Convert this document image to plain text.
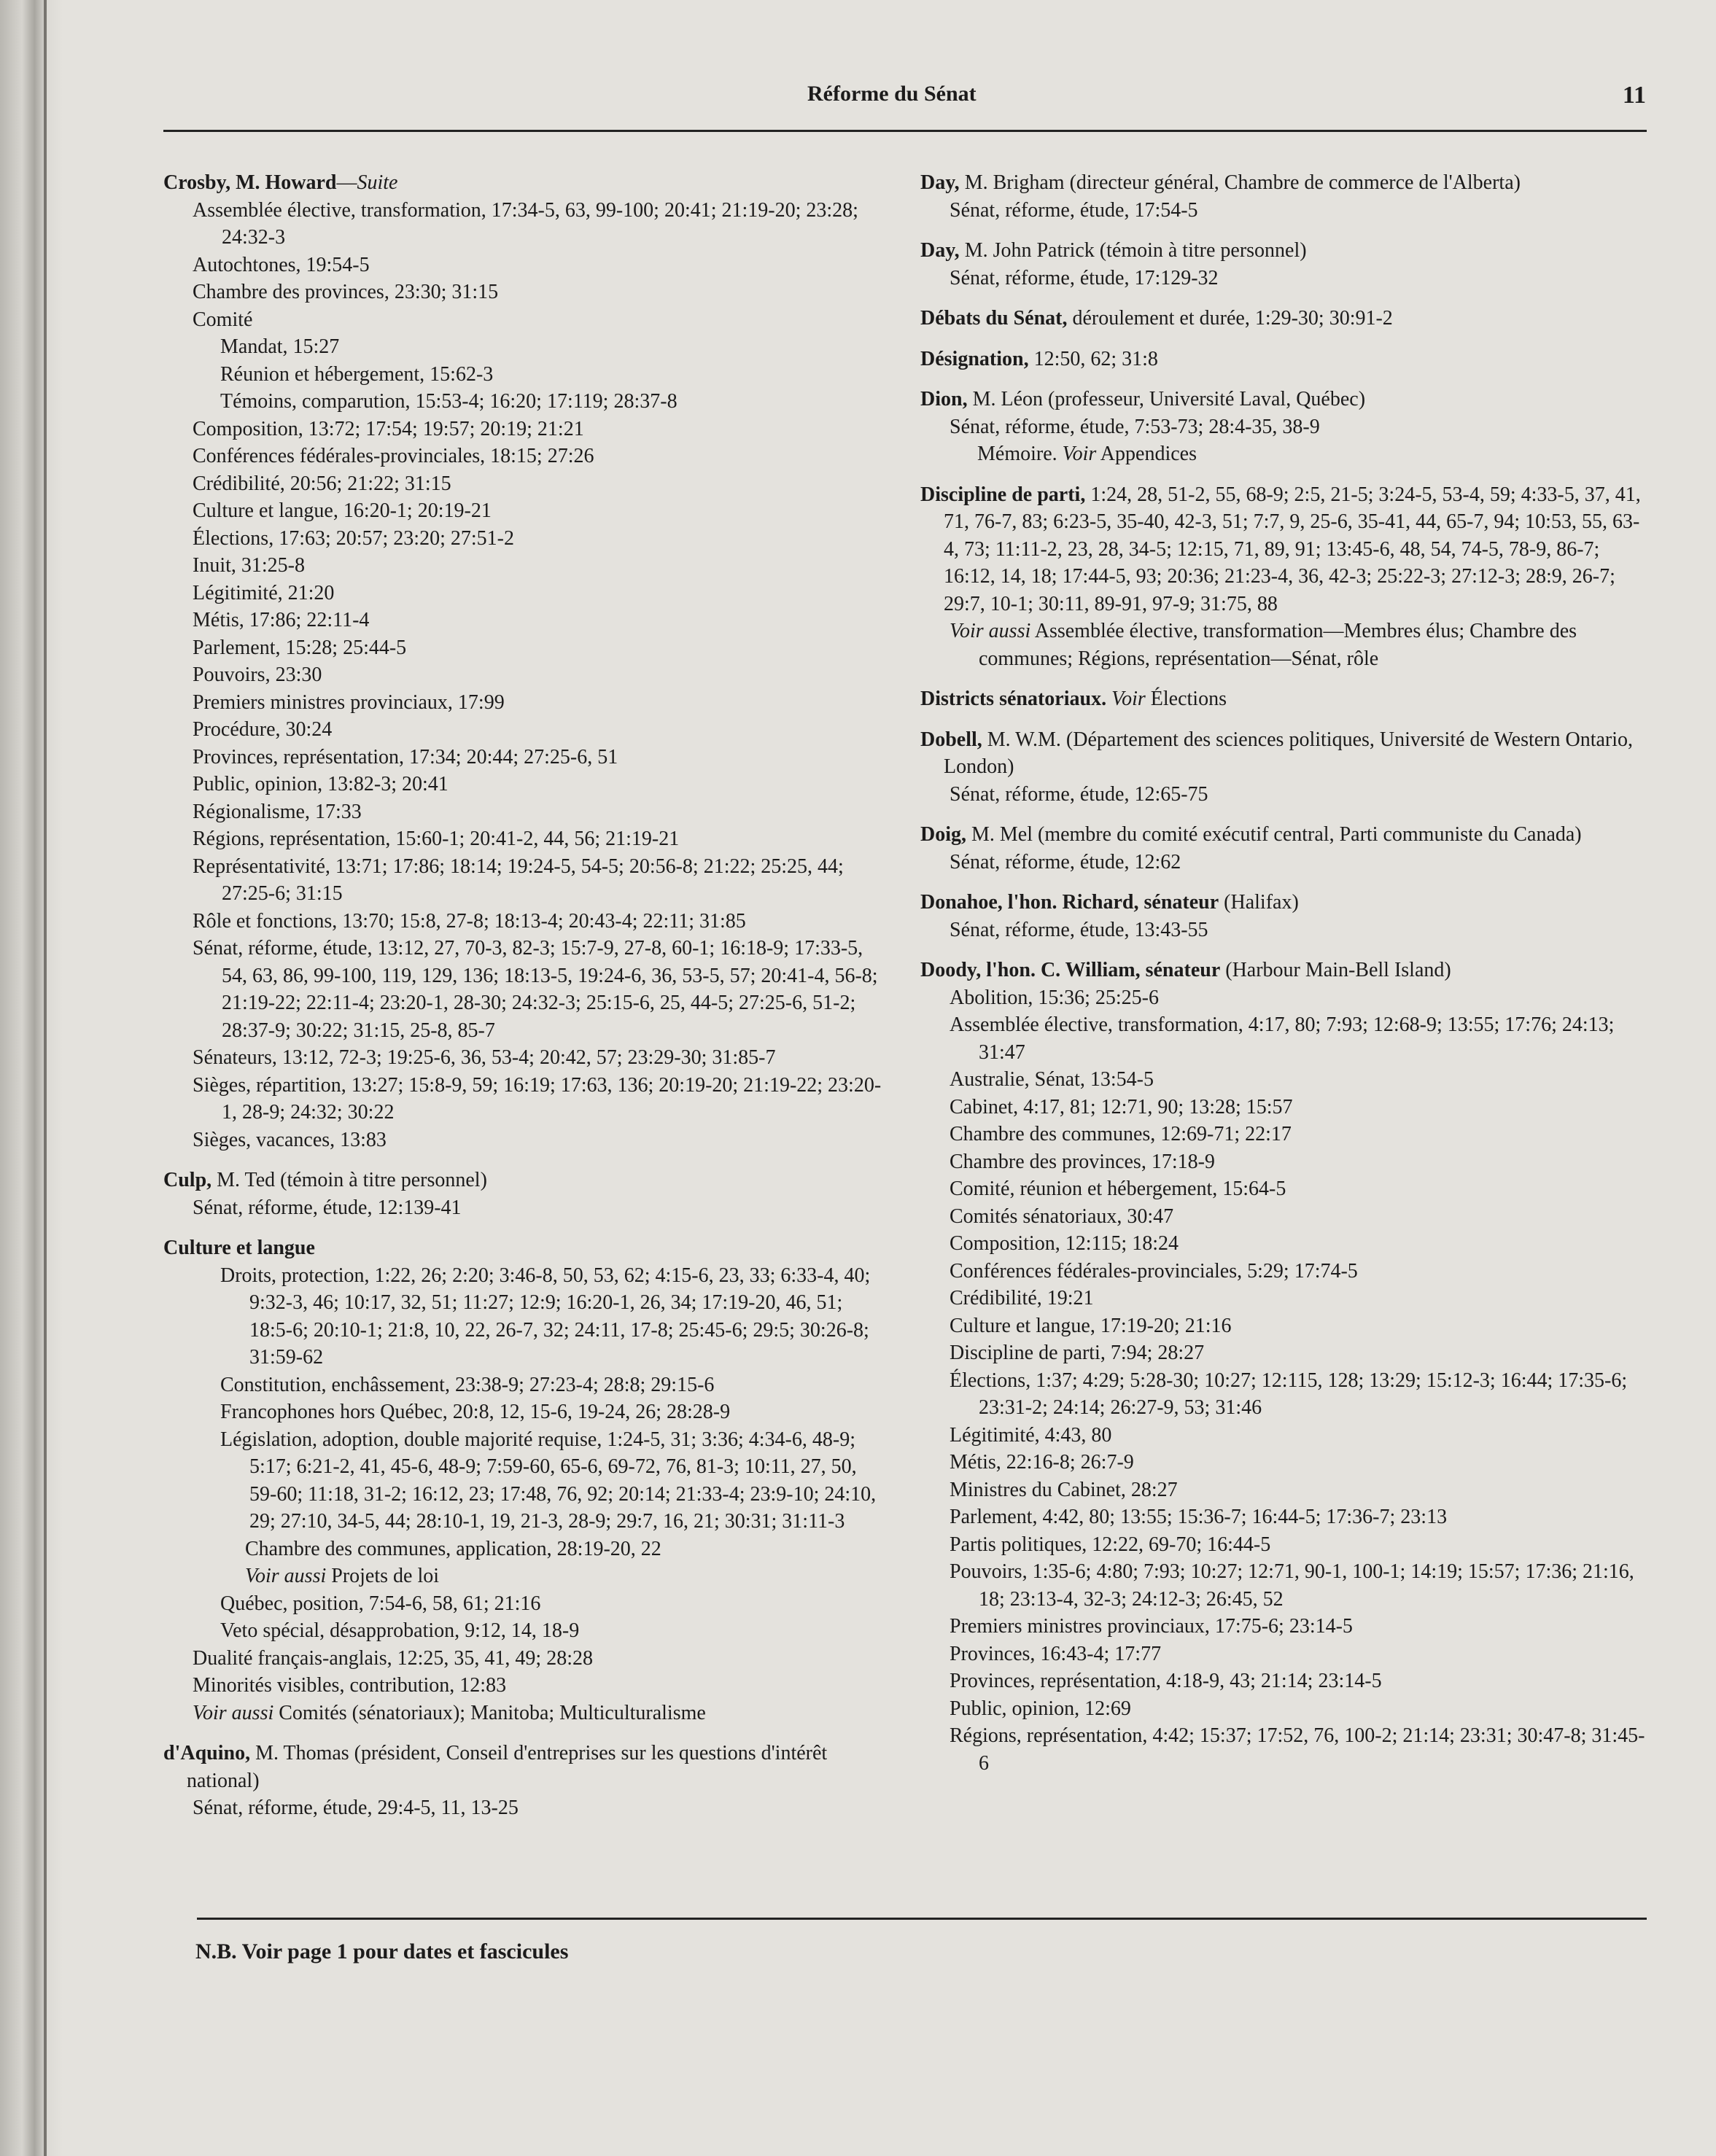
Réforme du Sénat	11
Crosby, M. Howard—Suite
Assemblée élective, transformation, 17:34-5, 63, 99-100; 20:41; 21:19-20; 23:28; 24:32-3
Autochtones, 19:54-5
Chambre des provinces, 23:30; 31:15
Comité
Mandat, 15:27
Réunion et hébergement, 15:62-3
Témoins, comparution, 15:53-4; 16:20; 17:119; 28:37-8
Composition, 13:72; 17:54; 19:57; 20:19; 21:21
Conférences fédérales-provinciales, 18:15; 27:26
Crédibilité, 20:56; 21:22; 31:15
Culture et langue, 16:20-1; 20:19-21
Élections, 17:63; 20:57; 23:20; 27:51-2
Inuit, 31:25-8
Légitimité, 21:20
Métis, 17:86; 22:11-4
Parlement, 15:28; 25:44-5
Pouvoirs, 23:30
Premiers ministres provinciaux, 17:99
Procédure, 30:24
Provinces, représentation, 17:34; 20:44; 27:25-6, 51
Public, opinion, 13:82-3; 20:41
Régionalisme, 17:33
Régions, représentation, 15:60-1; 20:41-2, 44, 56; 21:19-21
Représentativité, 13:71; 17:86; 18:14; 19:24-5, 54-5; 20:56-8; 21:22; 25:25, 44; 27:25-6; 31:15
Rôle et fonctions, 13:70; 15:8, 27-8; 18:13-4; 20:43-4; 22:11; 31:85
Sénat, réforme, étude, 13:12, 27, 70-3, 82-3; 15:7-9, 27-8, 60-1; 16:18-9; 17:33-5, 54, 63, 86, 99-100, 119, 129, 136; 18:13-5, 19:24-6, 36, 53-5, 57; 20:41-4, 56-8; 21:19-22; 22:11-4; 23:20-1, 28-30; 24:32-3; 25:15-6, 25, 44-5; 27:25-6, 51-2; 28:37-9; 30:22; 31:15, 25-8, 85-7
Sénateurs, 13:12, 72-3; 19:25-6, 36, 53-4; 20:42, 57; 23:29-30; 31:85-7
Sièges, répartition, 13:27; 15:8-9, 59; 16:19; 17:63, 136; 20:19-20; 21:19-22; 23:20-1, 28-9; 24:32; 30:22
Sièges, vacances, 13:83
Culp, M. Ted (témoin à titre personnel)
Sénat, réforme, étude, 12:139-41
Culture et langue
Droits, protection, 1:22, 26; 2:20; 3:46-8, 50, 53, 62; 4:15-6, 23, 33; 6:33-4, 40; 9:32-3, 46; 10:17, 32, 51; 11:27; 12:9; 16:20-1, 26, 34; 17:19-20, 46, 51; 18:5-6; 20:10-1; 21:8, 10, 22, 26-7, 32; 24:11, 17-8; 25:45-6; 29:5; 30:26-8; 31:59-62
Constitution, enchâssement, 23:38-9; 27:23-4; 28:8; 29:15-6
Francophones hors Québec, 20:8, 12, 15-6, 19-24, 26; 28:28-9
Législation, adoption, double majorité requise, 1:24-5, 31; 3:36; 4:34-6, 48-9; 5:17; 6:21-2, 41, 45-6, 48-9; 7:59-60, 65-6, 69-72, 76, 81-3; 10:11, 27, 50, 59-60; 11:18, 31-2; 16:12, 23; 17:48, 76, 92; 20:14; 21:33-4; 23:9-10; 24:10, 29; 27:10, 34-5, 44; 28:10-1, 19, 21-3, 28-9; 29:7, 16, 21; 30:31; 31:11-3
Chambre des communes, application, 28:19-20, 22
Voir aussi Projets de loi
Québec, position, 7:54-6, 58, 61; 21:16
Veto spécial, désapprobation, 9:12, 14, 18-9
Dualité français-anglais, 12:25, 35, 41, 49; 28:28
Minorités visibles, contribution, 12:83
Voir aussi Comités (sénatoriaux); Manitoba; Multiculturalisme
d'Aquino, M. Thomas (président, Conseil d'entreprises sur les questions d'intérêt national)
Sénat, réforme, étude, 29:4-5, 11, 13-25
Day, M. Brigham (directeur général, Chambre de commerce de l'Alberta)
Sénat, réforme, étude, 17:54-5
Day, M. John Patrick (témoin à titre personnel)
Sénat, réforme, étude, 17:129-32
Débats du Sénat, déroulement et durée, 1:29-30; 30:91-2
Désignation, 12:50, 62; 31:8
Dion, M. Léon (professeur, Université Laval, Québec)
Sénat, réforme, étude, 7:53-73; 28:4-35, 38-9
Mémoire. Voir Appendices
Discipline de parti, 1:24, 28, 51-2, 55, 68-9; 2:5, 21-5; 3:24-5, 53-4, 59; 4:33-5, 37, 41, 71, 76-7, 83; 6:23-5, 35-40, 42-3, 51; 7:7, 9, 25-6, 35-41, 44, 65-7, 94; 10:53, 55, 63-4, 73; 11:11-2, 23, 28, 34-5; 12:15, 71, 89, 91; 13:45-6, 48, 54, 74-5, 78-9, 86-7; 16:12, 14, 18; 17:44-5, 93; 20:36; 21:23-4, 36, 42-3; 25:22-3; 27:12-3; 28:9, 26-7; 29:7, 10-1; 30:11, 89-91, 97-9; 31:75, 88
Voir aussi Assemblée élective, transformation—Membres élus; Chambre des communes; Régions, représentation—Sénat, rôle
Districts sénatoriaux. Voir Élections
Dobell, M. W.M. (Département des sciences politiques, Université de Western Ontario, London)
Sénat, réforme, étude, 12:65-75
Doig, M. Mel (membre du comité exécutif central, Parti communiste du Canada)
Sénat, réforme, étude, 12:62
Donahoe, l'hon. Richard, sénateur (Halifax)
Sénat, réforme, étude, 13:43-55
Doody, l'hon. C. William, sénateur (Harbour Main-Bell Island)
Abolition, 15:36; 25:25-6
Assemblée élective, transformation, 4:17, 80; 7:93; 12:68-9; 13:55; 17:76; 24:13; 31:47
Australie, Sénat, 13:54-5
Cabinet, 4:17, 81; 12:71, 90; 13:28; 15:57
Chambre des communes, 12:69-71; 22:17
Chambre des provinces, 17:18-9
Comité, réunion et hébergement, 15:64-5
Comités sénatoriaux, 30:47
Composition, 12:115; 18:24
Conférences fédérales-provinciales, 5:29; 17:74-5
Crédibilité, 19:21
Culture et langue, 17:19-20; 21:16
Discipline de parti, 7:94; 28:27
Élections, 1:37; 4:29; 5:28-30; 10:27; 12:115, 128; 13:29; 15:12-3; 16:44; 17:35-6; 23:31-2; 24:14; 26:27-9, 53; 31:46
Légitimité, 4:43, 80
Métis, 22:16-8; 26:7-9
Ministres du Cabinet, 28:27
Parlement, 4:42, 80; 13:55; 15:36-7; 16:44-5; 17:36-7; 23:13
Partis politiques, 12:22, 69-70; 16:44-5
Pouvoirs, 1:35-6; 4:80; 7:93; 10:27; 12:71, 90-1, 100-1; 14:19; 15:57; 17:36; 21:16, 18; 23:13-4, 32-3; 24:12-3; 26:45, 52
Premiers ministres provinciaux, 17:75-6; 23:14-5
Provinces, 16:43-4; 17:77
Provinces, représentation, 4:18-9, 43; 21:14; 23:14-5
Public, opinion, 12:69
Régions, représentation, 4:42; 15:37; 17:52, 76, 100-2; 21:14; 23:31; 30:47-8; 31:45-6
N.B. Voir page 1 pour dates et fascicules
